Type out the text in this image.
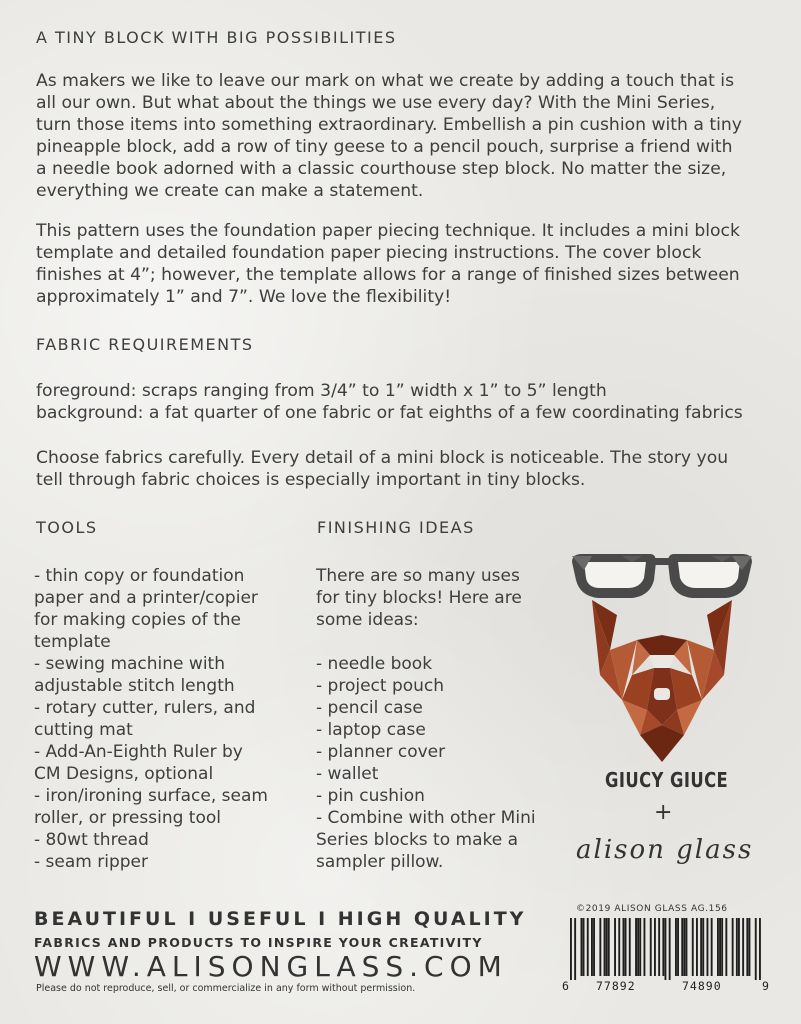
A TINY BLOCK WITH BIG POSSIBILITIES
As makers we like to leave our mark on what we create by adding a touch that is
all our own. But what about the things we use every day? With the Mini Series,
turn those items into something extraordinary. Embellish a pin cushion with a tiny
pineapple block, add a row of tiny geese to a pencil pouch, surprise a friend with
a needle book adorned with a classic courthouse step block. No matter the size,
everything we create can make a statement.
This pattern uses the foundation paper piecing technique. It includes a mini block
template and detailed foundation paper piecing instructions. The cover block
finishes at 4”; however, the template allows for a range of finished sizes between
approximately 1” and 7”. We love the flexibility!
FABRIC REQUIREMENTS
foreground: scraps ranging from 3/4” to 1” width x 1” to 5” length
background: a fat quarter of one fabric or fat eighths of a few coordinating fabrics
Choose fabrics carefully. Every detail of a mini block is noticeable. The story you
tell through fabric choices is especially important in tiny blocks.
TOOLS	FINISHING IDEAS
- thin copy or foundation
paper and a printer/copier
for making copies of the
template
- sewing machine with
adjustable stitch length
- rotary cutter, rulers, and
cutting mat
- Add-An-Eighth Ruler by
CM Designs, optional
- iron/ironing surface, seam
roller, or pressing tool
- 80wt thread
- seam ripper
There are so many uses
for tiny blocks! Here are
some ideas:

- needle book
- project pouch
- pencil case
- laptop case
- planner cover
- wallet
- pin cushion
- Combine with other Mini
Series blocks to make a
sampler pillow.
GIUCY GIUCE
+
alison glass
BEAUTIFUL I USEFUL I HIGH QUALITY
FABRICS AND PRODUCTS TO INSPIRE YOUR CREATIVITY
WWW.ALISONGLASS.COM
Please do not reproduce, sell, or commercialize in any form without permission.
©2019 ALISON GLASS AG.156
6 77892	74890	9
